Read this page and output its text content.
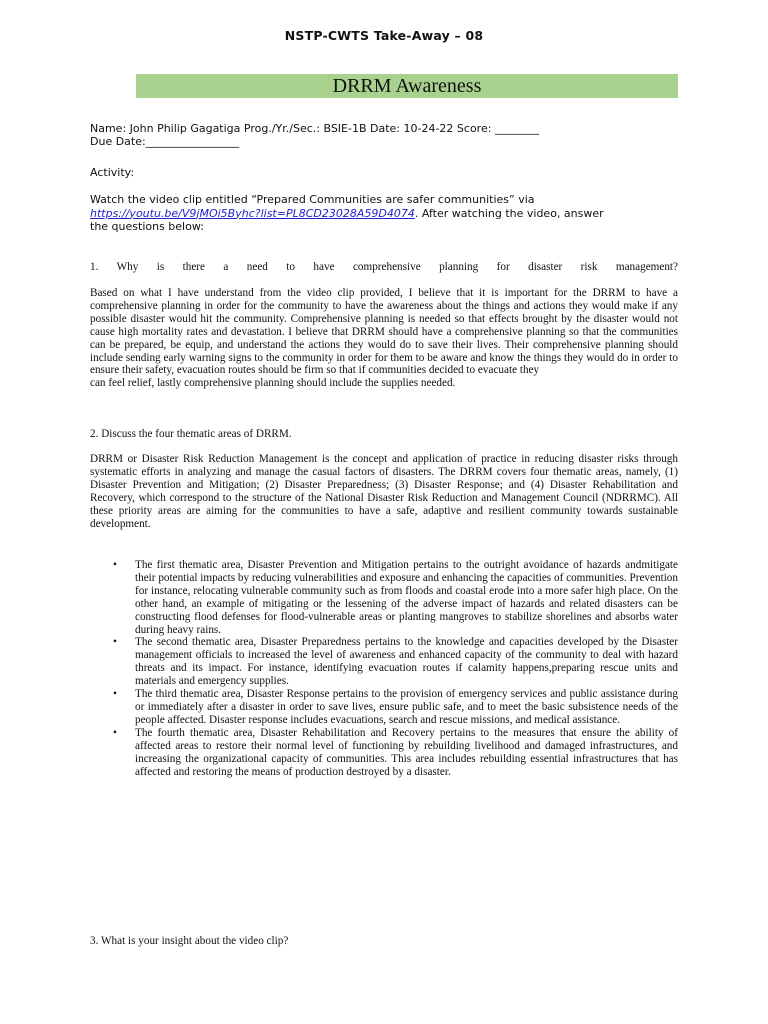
NSTP-CWTS Take-Away – 08
DRRM Awareness

Name: John Philip Gagatiga Prog./Yr./Sec.: BSIE-1B Date: 10-24-22 Score: ________

Due Date:_________________

Activity:

Watch the video clip entitled “Prepared Communities are safer communities” via
https://youtu.be/V9jMOi5Byhc?list=PL8CD23028A59D4074. After watching the video, answer
the questions below:

1. Why is there a need to have comprehensive planning for disaster risk management?

Based on what I have understand from the video clip provided, I believe that it is important for the DRRM to have a comprehensive planning in order for the community to have the awareness about the things and actions they would make if any possible disaster would hit the community. Comprehensive planning is needed so that effects brought by the disaster would not cause high mortality rates and devastation. I believe that DRRM should have a comprehensive planning so that the communities can be prepared, be equip, and understand the actions they would do to save their lives. Their comprehensive planning should include sending early warning signs to the community in order for them to be aware and know the things they would do in order to ensure their safety, evacuation routes should be firm so that if communities decided to evacuate they

can feel relief, lastly comprehensive planning should include the supplies needed.

2. Discuss the four thematic areas of DRRM.
DRRM or Disaster Risk Reduction Management is the concept and application of practice in reducing disaster risks through systematic efforts in analyzing and manage the casual factors of disasters. The DRRM covers four thematic areas, namely, (1) Disaster Prevention and Mitigation; (2) Disaster Preparedness; (3) Disaster Response; and (4) Disaster Rehabilitation and Recovery, which correspond to the structure of the National Disaster Risk Reduction and Management Council (NDRRMC). All these priority areas are aiming for the communities to have a safe, adaptive and resilient community towards sustainable development.
• The first thematic area, Disaster Prevention and Mitigation pertains to the outright avoidance of hazards andmitigate their potential impacts by reducing vulnerabilities and exposure and enhancing the capacities of communities. Prevention for instance, relocating vulnerable community such as from floods and coastal erode into a more safer high place. On the other hand, an example of mitigating or the lessening of the adverse impact of hazards and related disasters can be constructing flood defenses for flood-vulnerable areas or planting mangroves to stabilize shorelines and absorbs water during heavy rains.
• The second thematic area, Disaster Preparedness pertains to the knowledge and capacities developed by the Disaster management officials to increased the level of awareness and enhanced capacity of the community to deal with hazard threats and its impact. For instance, identifying evacuation routes if calamity happens,preparing rescue units and materials and emergency supplies.
• The third thematic area, Disaster Response pertains to the provision of emergency services and public assistance during or immediately after a disaster in order to save lives, ensure public safe, and to meet the basic subsistence needs of the people affected. Disaster response includes evacuations, search and rescue missions, and medical assistance.
• The fourth thematic area, Disaster Rehabilitation and Recovery pertains to the measures that ensure the ability of affected areas to restore their normal level of functioning by rebuilding livelihood and damaged infrastructures, and increasing the organizational capacity of communities. This area includes rebuilding essential infrastructures that has affected and restoring the means of production destroyed by a disaster.
3. What is your insight about the video clip?
